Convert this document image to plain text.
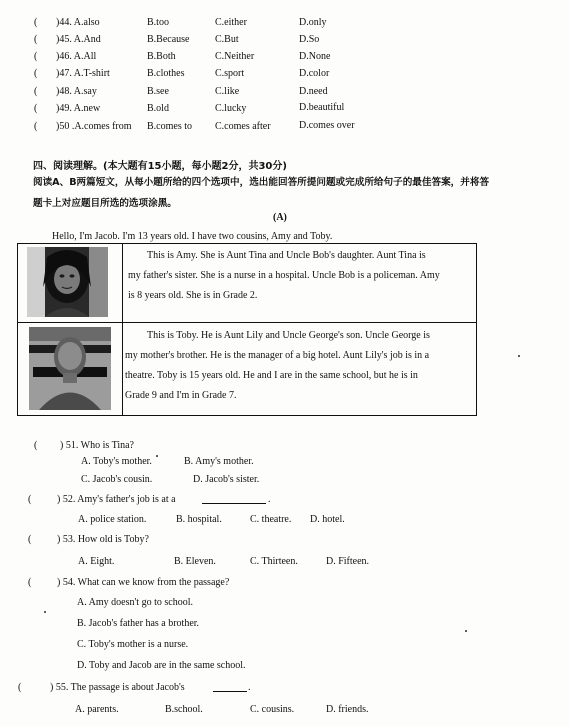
( )44. A.also	B.too	C.either	D.only
( )45. A.And	B.Because	C.But	D.So
( )46. A.All	B.Both	C.Neither	D.None
( )47. A.T-shirt	B.clothes	C.sport	D.color
( )48. A.say	B.see	C.like	D.need
( )49. A.new	B.old	C.lucky	D.beautiful
( )50 .A.comes from B.comes to C.comes after	D.comes over
四、阅读理解。(本大题有15小题，每小题2分，共30分)
阅读A、B两篇短文，从每小题所给的四个选项中，选出能回答所提问题或完成所给句子的最佳答案，并将答
题卡上对应题目所选的选项涂黑。
(A)
Hello, I'm Jacob. I'm 13 years old. I have two cousins, Amy and Toby.
This is Amy. She is Aunt Tina and Uncle Bob's daughter. Aunt Tina is
my father's sister. She is a nurse in a hospital. Uncle Bob is a policeman. Amy
is 8 years old. She is in Grade 2.
This is Toby. He is Aunt Lily and Uncle George's son. Uncle George is
my mother's brother. He is the manager of a big hotel. Aunt Lily's job is in a
theatre. Toby is 15 years old. He and I are in the same school, but he is in
Grade 9 and I'm in Grade 7.
( ) 51. Who is Tina?
A. Toby's mother.	B. Amy's mother.
C. Jacob's cousin.	D. Jacob's sister.
(	) 52. Amy's father's job is at a	.
A. police station.	B. hospital.	C. theatre. D. hotel.
(	) 53. How old is Toby?
A. Eight.	B. Eleven.	C. Thirteen.	D. Fifteen.
(	) 54. What can we know from the passage?
A. Amy doesn't go to school.
B. Jacob's father has a brother.
C. Toby's mother is a nurse.
D. Toby and Jacob are in the same school.
(	) 55. The passage is about Jacob's	.
A. parents.	B.school.	C. cousins.	D. friends.
